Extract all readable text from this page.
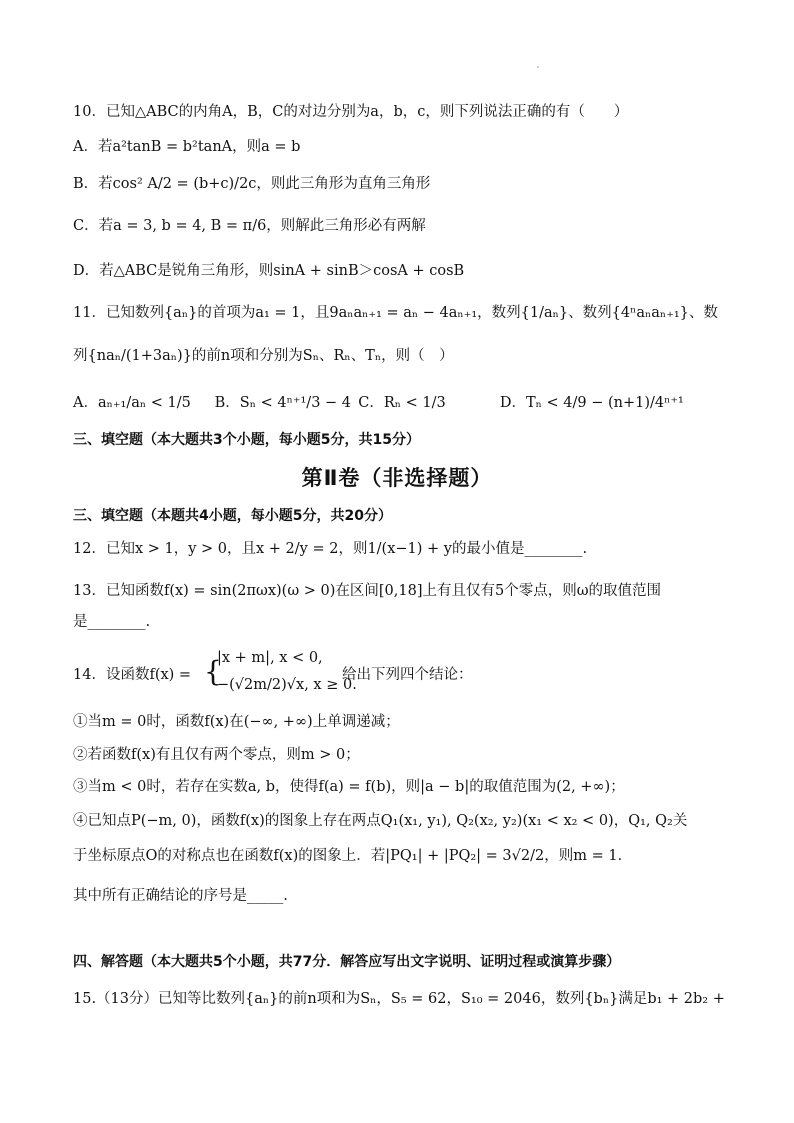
10．已知△ABC的内角A，B，C的对边分别为a，b，c，则下列说法正确的有（　　）
A．若a²tanB = b²tanA，则a = b
B．若cos² A/2 = (b+c)/2c，则此三角形为直角三角形
C．若a = 3, b = 4, B = π/6，则解此三角形必有两解
D．若△ABC是锐角三角形，则sinA + sinB＞cosA + cosB
11．已知数列{aₙ}的首项为a₁ = 1，且9aₙaₙ₊₁ = aₙ − 4aₙ₊₁，数列{1/aₙ}、数列{4ⁿaₙaₙ₊₁}、数
列{naₙ/(1+3aₙ)}的前n项和分别为Sₙ、Rₙ、Tₙ，则（　）
A．aₙ₊₁/aₙ < 1/5 B．Sₙ < 4ⁿ⁺¹/3 − 4 C．Rₙ < 1/3	D．Tₙ < 4/9 − (n+1)/4ⁿ⁺¹
三、填空题（本大题共3个小题，每小题5分，共15分）
第Ⅱ卷（非选择题）
三、填空题（本题共4小题，每小题5分，共20分）
12．已知x > 1，y > 0，且x + 2/y = 2，则1/(x−1) + y的最小值是________.
13．已知函数f(x) = sin(2πωx)(ω > 0)在区间[0,18]上有且仅有5个零点，则ω的取值范围
是________.
14．设函数f(x) = {
|x + m|, x < 0,
−(√2m/2)√x, x ≥ 0.
给出下列四个结论：
①当m = 0时，函数f(x)在(−∞, +∞)上单调递减；
②若函数f(x)有且仅有两个零点，则m > 0；
③当m < 0时，若存在实数a, b，使得f(a) = f(b)，则|a − b|的取值范围为(2, +∞)；
④已知点P(−m, 0)，函数f(x)的图象上存在两点Q₁(x₁, y₁), Q₂(x₂, y₂)(x₁ < x₂ < 0)，Q₁, Q₂关
于坐标原点O的对称点也在函数f(x)的图象上．若|PQ₁| + |PQ₂| = 3√2/2，则m = 1．
其中所有正确结论的序号是_____.
四、解答题（本大题共5个小题，共77分．解答应写出文字说明、证明过程或演算步骤）
15.（13分）已知等比数列{aₙ}的前n项和为Sₙ，S₅ = 62，S₁₀ = 2046，数列{bₙ}满足b₁ + 2b₂ +
